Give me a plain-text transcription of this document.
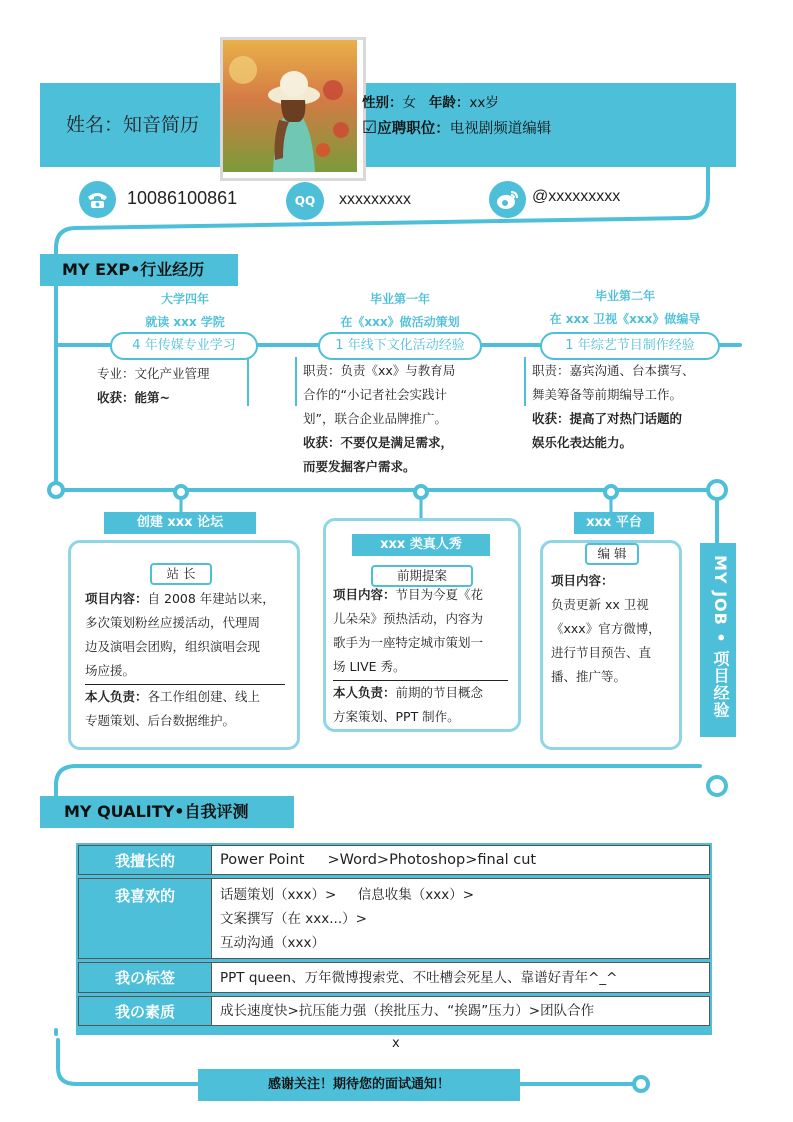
姓名：知音简历
性别：女 年龄：xx岁
☑应聘职位：电视剧频道编辑
10086100861	QQ	xxxxxxxxx	@xxxxxxxxx
MY EXP•行业经历
大学四年
就读 xxx 学院
4 年传媒专业学习
专业：文化产业管理
收获：能第~
毕业第一年
在《xxx》做活动策划
1 年线下文化活动经验
职责：负责《xx》与教育局
合作的“小记者社会实践计
划”，联合企业品牌推广。
收获：不要仅是满足需求，
而要发掘客户需求。
毕业第二年
在 xxx 卫视《xxx》做编导
1 年综艺节目制作经验
职责：嘉宾沟通、台本撰写、
舞美筹备等前期编导工作。
收获：提高了对热门话题的
娱乐化表达能力。
创建 xxx 论坛
站 长
项目内容：自 2008 年建站以来，
多次策划粉丝应援活动，代理周
边及演唱会团购，组织演唱会现
场应援。
本人负责：各工作组创建、线上
专题策划、后台数据维护。
xxx 类真人秀
前期提案
项目内容：节目为今夏《花
儿朵朵》预热活动，内容为
歌手为一座特定城市策划一
场 LIVE 秀。
本人负责：前期的节目概念
方案策划、PPT 制作。
xxx 平台
编 辑
项目内容：
负责更新 xx 卫视
《xxx》官方微博，
进行节目预告、直
播、推广等。	MY JOB • 项目经验
MY QUALITY•自我评测
我擅长的	Power Point     >Word>Photoshop>final cut

我喜欢的	话题策划（xxx）>     信息收集（xxx）>
文案撰写（在 xxx...）>
互动沟通（xxx）

我の标签	PPT queen、万年微博搜索党、不吐槽会死星人、靠谱好青年^_^

我の素质	成长速度快>抗压能力强（挨批压力、“挨踢”压力）>团队合作
x
感谢关注！期待您的面试通知！
